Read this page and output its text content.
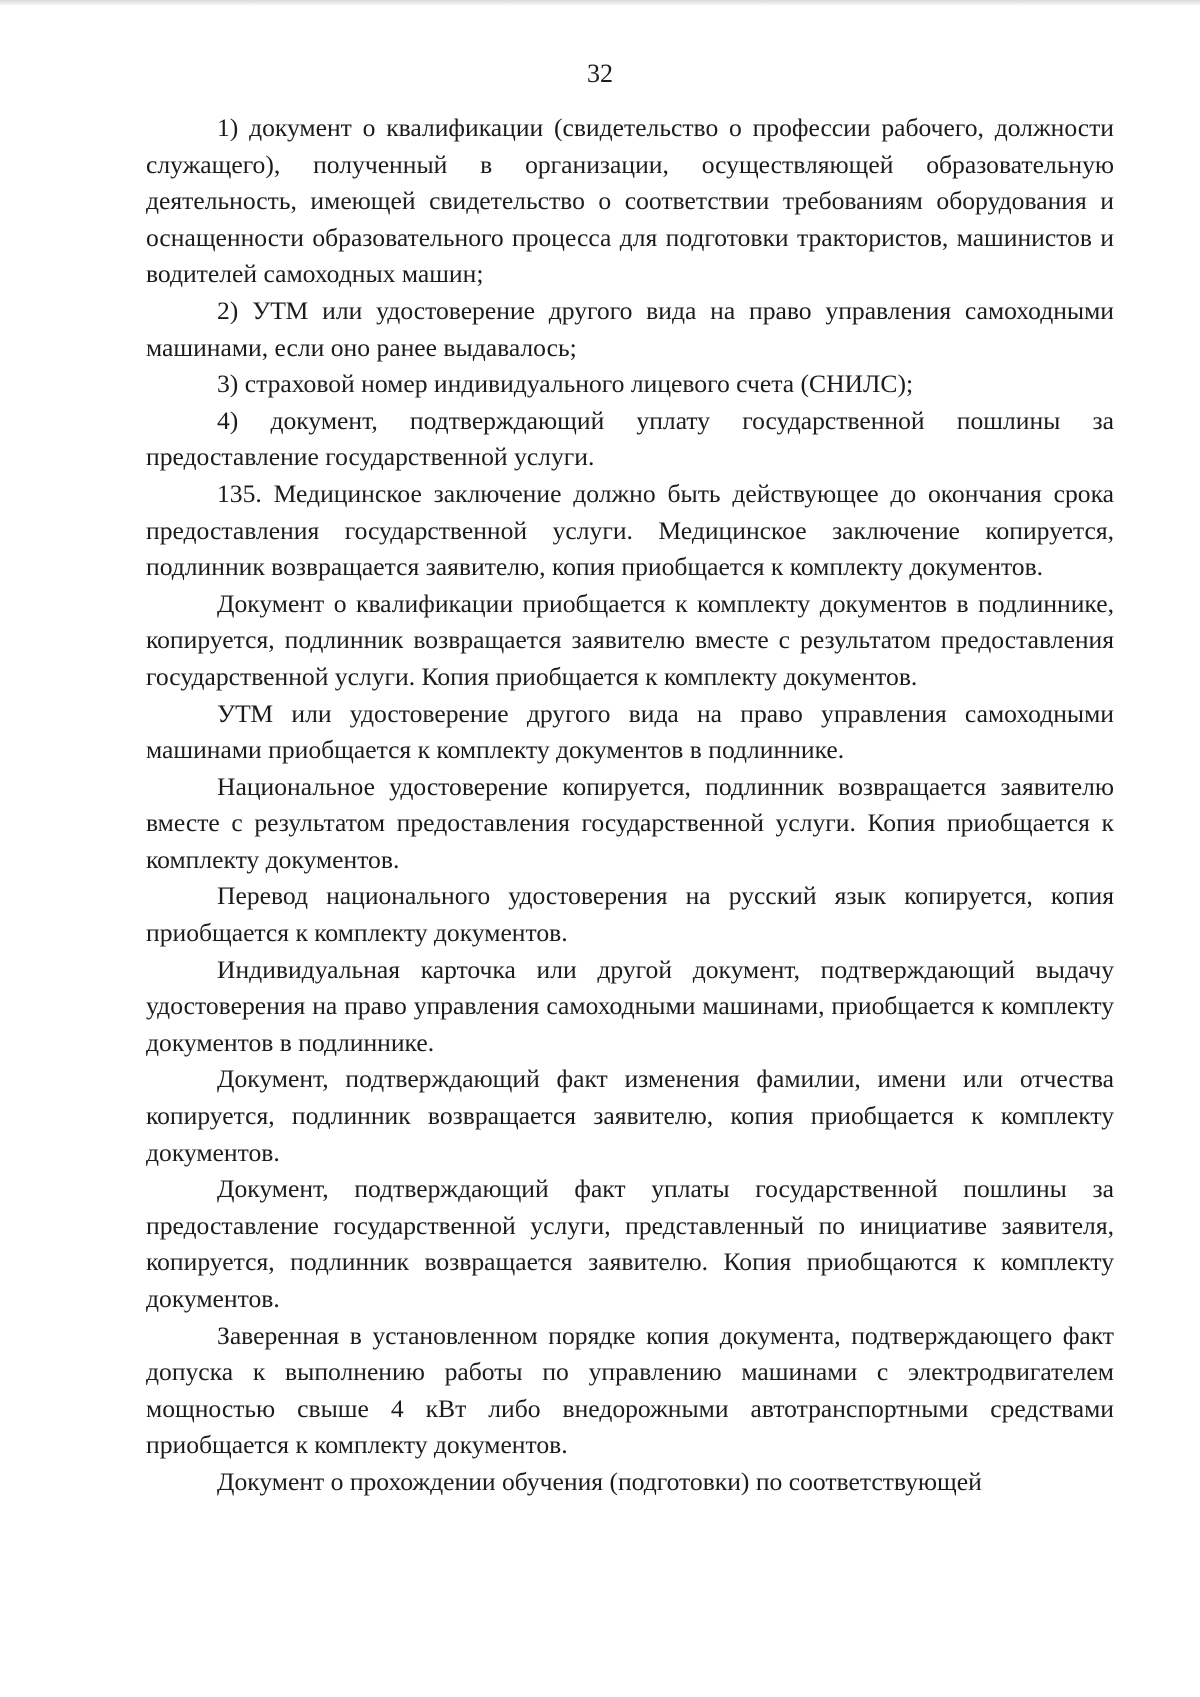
32

1) документ о квалификации (свидетельство о профессии рабочего, должности служащего), полученный в организации, осуществляющей образовательную деятельность, имеющей свидетельство о соответствии требованиям оборудования и оснащенности образовательного процесса для подготовки трактористов, машинистов и водителей самоходных машин;

2) УТМ или удостоверение другого вида на право управления самоходными машинами, если оно ранее выдавалось;

3) страховой номер индивидуального лицевого счета (СНИЛС);

4) документ, подтверждающий уплату государственной пошлины за предоставление государственной услуги.

135. Медицинское заключение должно быть действующее до окончания срока предоставления государственной услуги. Медицинское заключение копируется, подлинник возвращается заявителю, копия приобщается к комплекту документов.

Документ о квалификации приобщается к комплекту документов в подлиннике, копируется, подлинник возвращается заявителю вместе с результатом предоставления государственной услуги. Копия приобщается к комплекту документов.

УТМ или удостоверение другого вида на право управления самоходными машинами приобщается к комплекту документов в подлиннике.

Национальное удостоверение копируется, подлинник возвращается заявителю вместе с результатом предоставления государственной услуги. Копия приобщается к комплекту документов.

Перевод национального удостоверения на русский язык копируется, копия приобщается к комплекту документов.

Индивидуальная карточка или другой документ, подтверждающий выдачу удостоверения на право управления самоходными машинами, приобщается к комплекту документов в подлиннике.

Документ, подтверждающий факт изменения фамилии, имени или отчества копируется, подлинник возвращается заявителю, копия приобщается к комплекту документов.

Документ, подтверждающий факт уплаты государственной пошлины за предоставление государственной услуги, представленный по инициативе заявителя, копируется, подлинник возвращается заявителю. Копия приобщаются к комплекту документов.

Заверенная в установленном порядке копия документа, подтверждающего факт допуска к выполнению работы по управлению машинами с электродвигателем мощностью свыше 4 кВт либо внедорожными автотранспортными средствами приобщается к комплекту документов.

Документ о прохождении обучения (подготовки) по соответствующей
